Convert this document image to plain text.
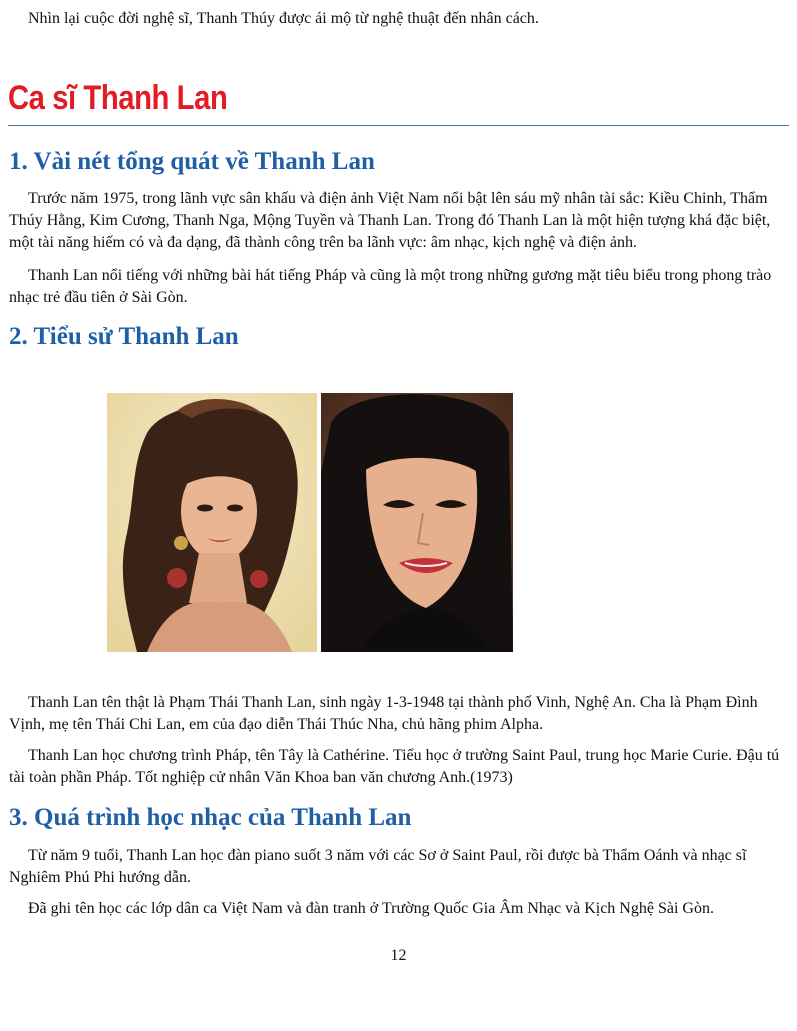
Nhìn lại cuộc đời nghệ sĩ, Thanh Thúy được ái mộ từ nghệ thuật đến nhân cách.

Ca sĩ Thanh Lan
1. Vài nét tổng quát về Thanh Lan

Trước năm 1975, trong lãnh vực sân khấu và điện ảnh Việt Nam nổi bật lên sáu mỹ nhân tài sắc: Kiều Chinh, Thẩm Thúy Hằng, Kim Cương, Thanh Nga, Mộng Tuyền và Thanh Lan. Trong đó Thanh Lan là một hiện tượng khá đặc biệt, một tài năng hiếm có và đa dạng, đã thành công trên ba lãnh vực: âm nhạc, kịch nghệ và điện ảnh.

Thanh Lan nổi tiếng với những bài hát tiếng Pháp và cũng là một trong những gương mặt tiêu biểu trong phong trào nhạc trẻ đầu tiên ở Sài Gòn.

2. Tiểu sử Thanh Lan

Thanh Lan tên thật là Phạm Thái Thanh Lan, sinh ngày 1-3-1948 tại thành phố Vinh, Nghệ An. Cha là Phạm Đình Vịnh, mẹ tên Thái Chi Lan, em của đạo diễn Thái Thúc Nha, chủ hãng phim Alpha.

Thanh Lan học chương trình Pháp, tên Tây là Cathérine. Tiểu học ở trường Saint Paul, trung học Marie Curie. Đậu tú tài toàn phần Pháp. Tốt nghiệp cử nhân Văn Khoa ban văn chương Anh.(1973)

3. Quá trình học nhạc của Thanh Lan

Từ năm 9 tuổi, Thanh Lan học đàn piano suốt 3 năm với các Sơ ở Saint Paul, rồi được bà Thẩm Oánh và nhạc sĩ Nghiêm Phú Phi hướng dẫn.

Đã ghi tên học các lớp dân ca Việt Nam và đàn tranh ở Trường Quốc Gia Âm Nhạc và Kịch Nghệ Sài Gòn.

12
